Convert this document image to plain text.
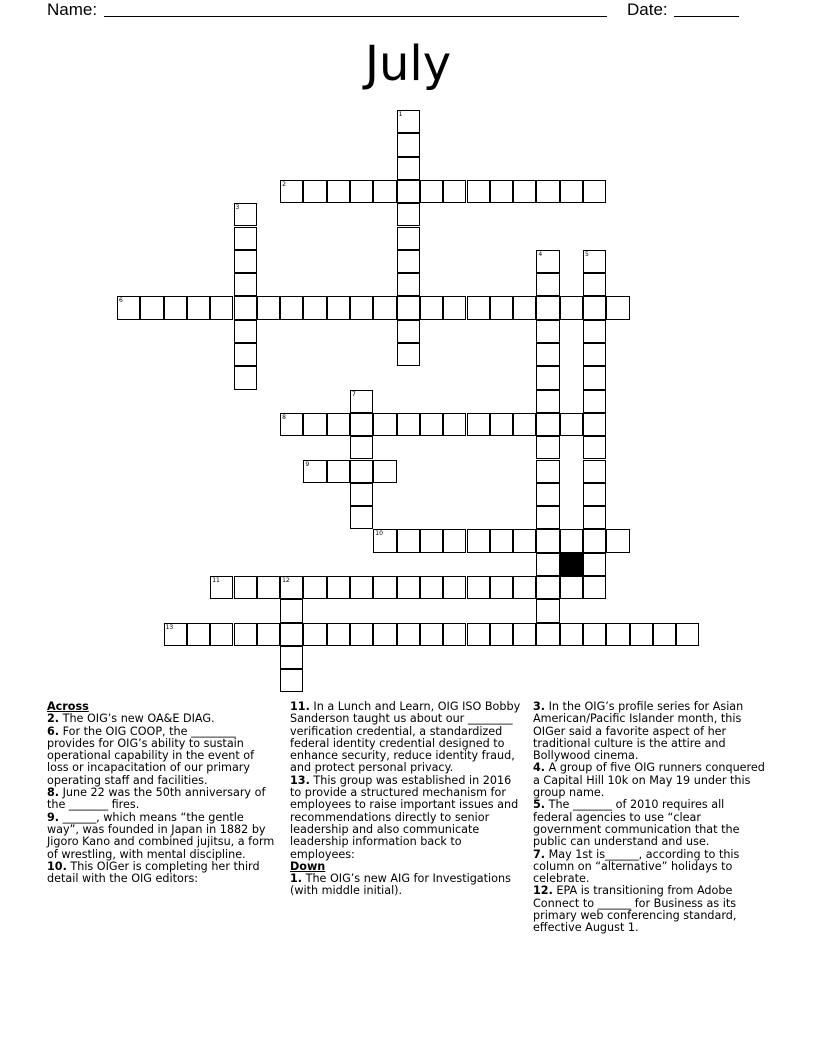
Name:	Date:
July
1
2
3
4	5
6
7
8
9
10
11	12
13
Across
2. The OIG’s new OA&E DIAG.
6. For the OIG COOP, the ________ provides for OIG’s ability to sustain operational capability in the event of loss or incapacitation of our primary operating staff and facilities.
8. June 22 was the 50th anniversary of the _______ fires.
9. ______, which means “the gentle way”, was founded in Japan in 1882 by Jigoro Kano and combined jujitsu, a form of wrestling, with mental discipline.
10. This OIGer is completing her third detail with the OIG editors:
11. In a Lunch and Learn, OIG ISO Bobby Sanderson taught us about our ________ verification credential, a standardized federal identity credential designed to enhance security, reduce identity fraud, and protect personal privacy.
13. This group was established in 2016 to provide a structured mechanism for employees to raise important issues and recommendations directly to senior leadership and also communicate leadership information back to employees:
Down
1. The OIG’s new AIG for Investigations (with middle initial).
3. In the OIG’s profile series for Asian American/Pacific Islander month, this OIGer said a favorite aspect of her traditional culture is the attire and Bollywood cinema.
4. A group of five OIG runners conquered a Capital Hill 10k on May 19 under this group name.
5. The _______ of 2010 requires all federal agencies to use “clear government communication that the public can understand and use.
7. May 1st is______, according to this column on “alternative” holidays to celebrate.
12. EPA is transitioning from Adobe Connect to ______ for Business as its primary web conferencing standard, effective August 1.
